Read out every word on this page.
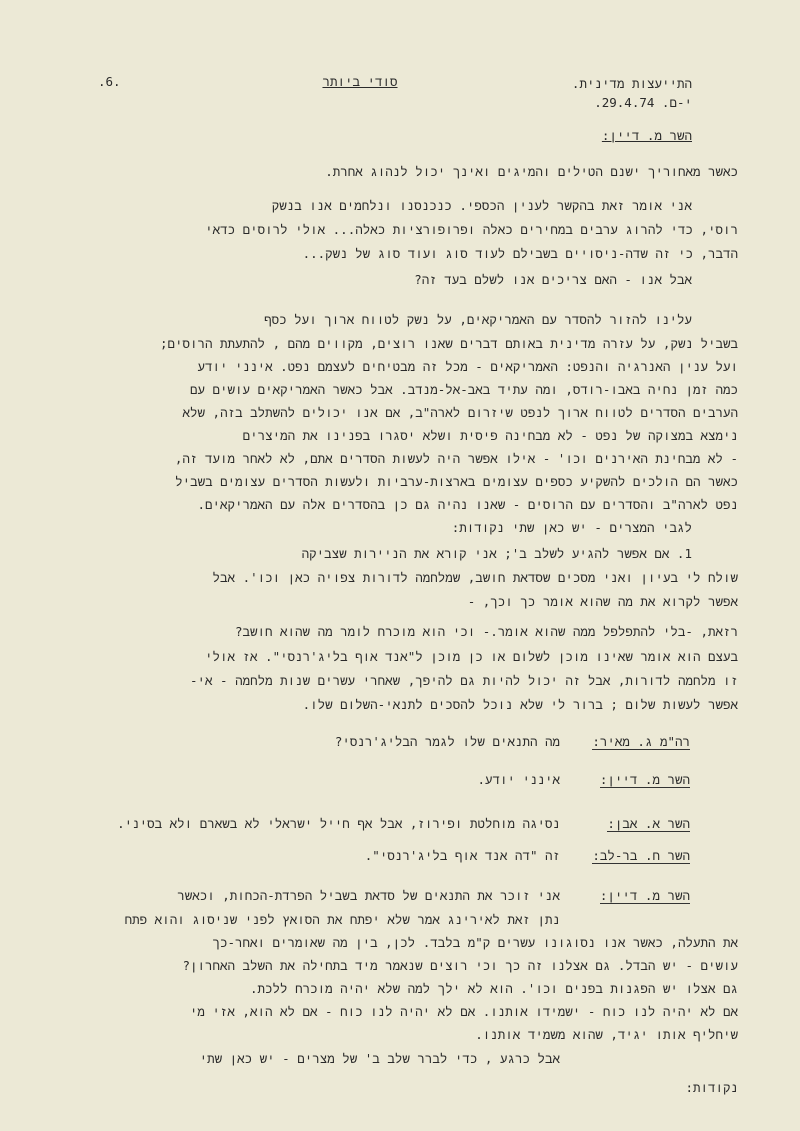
.6.	סודי ביותר	התייעצות מדינית.
י-ם. 29.4.74.
השר מ. דיין:
כאשר מאחוריך ישנם הטילים והמיגים ואינך יכול לנהוג אחרת.
אני אומר זאת בהקשר לענין הכספי. כנכנסנו ונלחמים אנו בנשק
רוסי, כדי להרוג ערבים במחירים כאלה ופרופורציות כאלה... אולי לרוסים כדאי
הדבר, כי זה שדה-ניסויים בשבילם לעוד סוג ועוד סוג של נשק...
אבל אנו - האם צריכים אנו לשלם בעד זה?
עלינו להזור להסדר עם האמריקאים, על נשק לטווח ארוך ועל כסף
בשביל נשק, על עזרה מדינית באותם דברים שאנו רוצים, מקווים מהם , להתעתת הרוסים;
ועל ענין האנרגיה והנפט: האמריקאים - מכל זה מבטיחים לעצמם נפט. אינני יודע
כמה זמן נחיה באבו-רודס, ומה עתיד באב-אל-מנדב. אבל כאשר האמריקאים עושים עם
הערבים הסדרים לטווח ארוך לנפט שיזרום לארה"ב, אם אנו יכולים להשתלב בזה, שלא
נימצא במצוקה של נפט - לא מבחינה פיסית ושלא יסגרו בפנינו את המיצרים
- לא מבחינת האירנים וכו' - אילו אפשר היה לעשות הסדרים אתם, לא לאחר מועד זה,
כאשר הם הולכים להשקיע כספים עצומים בארצות-ערביות ולעשות הסדרים עצומים בשביל
נפט לארה"ב והסדרים עם הרוסים - שאנו נהיה גם כן בהסדרים אלה עם האמריקאים.
לגבי המצרים - יש כאן שתי נקודות:
1. אם אפשר להגיע לשלב ב'; אני קורא את הניירות שצביקה
שולח לי בעיון ואני מסכים שסדאת חושב, שמלחמה לדורות צפויה כאן וכו'. אבל
אפשר לקרוא את מה שהוא אומר כך וכך, -
רזאת, -בלי להתפלפל ממה שהוא אומר.- וכי הוא מוכרח לומר מה שהוא חושב?
בעצם הוא אומר שאינו מוכן לשלום או כן מוכן ל"אנד אוף בליג'רנסי". אז אולי
זו מלחמה לדורות, אבל זה יכול להיות גם להיפך, שאחרי עשרים שנות מלחמה - אי-
אפשר לעשות שלום ; ברור לי שלא נוכל להסכים לתנאי-השלום שלו.
רה"מ ג. מאיר:
מה התנאים שלו לגמר הבליג'רנסי?
השר מ. דיין:
אינני יודע.
השר א. אבן:
נסיגה מוחלטת ופירוז, אבל אף חייל ישראלי לא בשארם ולא בסיני.
השר ח. בר-לב:
זה "דה אנד אוף בליג'רנסי".
השר מ. דיין:
אני זוכר את התנאים של סדאת בשביל הפרדת-הכחות, וכאשר
נתן זאת לאירינג אמר שלא יפתח את הסואץ לפני שניסוג והוא פתח
את התעלה, כאשר אנו נסוגונו עשרים ק"מ בלבד. לכן, בין מה שאומרים ואחר-כך
עושים - יש הבדל. גם אצלנו זה כך וכי רוצים שנאמר מיד בתחילה את השלב האחרון?
גם אצלו יש הפגנות בפנים וכו'. הוא לא ילך למה שלא יהיה מוכרח ללכת.
אם לא יהיה לנו כוח - ישמידו אותנו. אם לא יהיה לנו כוח - אם לא הוא, אזי מי
שיחליף אותו יגיד, שהוא משמיד אותנו.
אבל כרגע , כדי לברר שלב ב' של מצרים - יש כאן שתי
נקודות:
